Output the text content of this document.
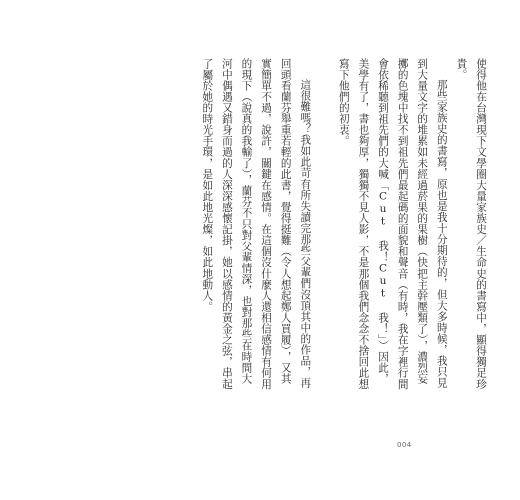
使得他在台灣現下文學圈大量家族史／生命史的書寫中，顯得獨足珍貴。

那些家族史的書寫，原也是我十分期待的，但大多時候，我只見到大量文字的堆累如未經過菸果的果樹（快把主幹壓類了），濃烈妄擲的色塊中找不到祖先們最起碼的面貌和聲音（有時，我在字裡行間會依稀聽到祖先們的大喊「Cut 我！Cut 我！」）因此，美學有了，書也夠厚，獨獨不見人影，不是那個我們念念不捨回此想寫下他們的初衷。

這很難嗎？我如此苛有所失讀完那些父輩們沒頂其中的作品，再回頭看蘭芬舉重若輕的此書，覺得挺難（令人想起鄭人買履），又其實簡單不過，說許，關鍵在感情。在這個沒什麼人還相信感情有何用的現下（說真的我輸了），蘭芬不只對父輩情深，也對那些在時間大河中偶遇又錯身而過的人深深感懷記掛，她以感情的黃金之弦，串起了屬於她的時光手環，是如此地光燦，如此地動人。

004
